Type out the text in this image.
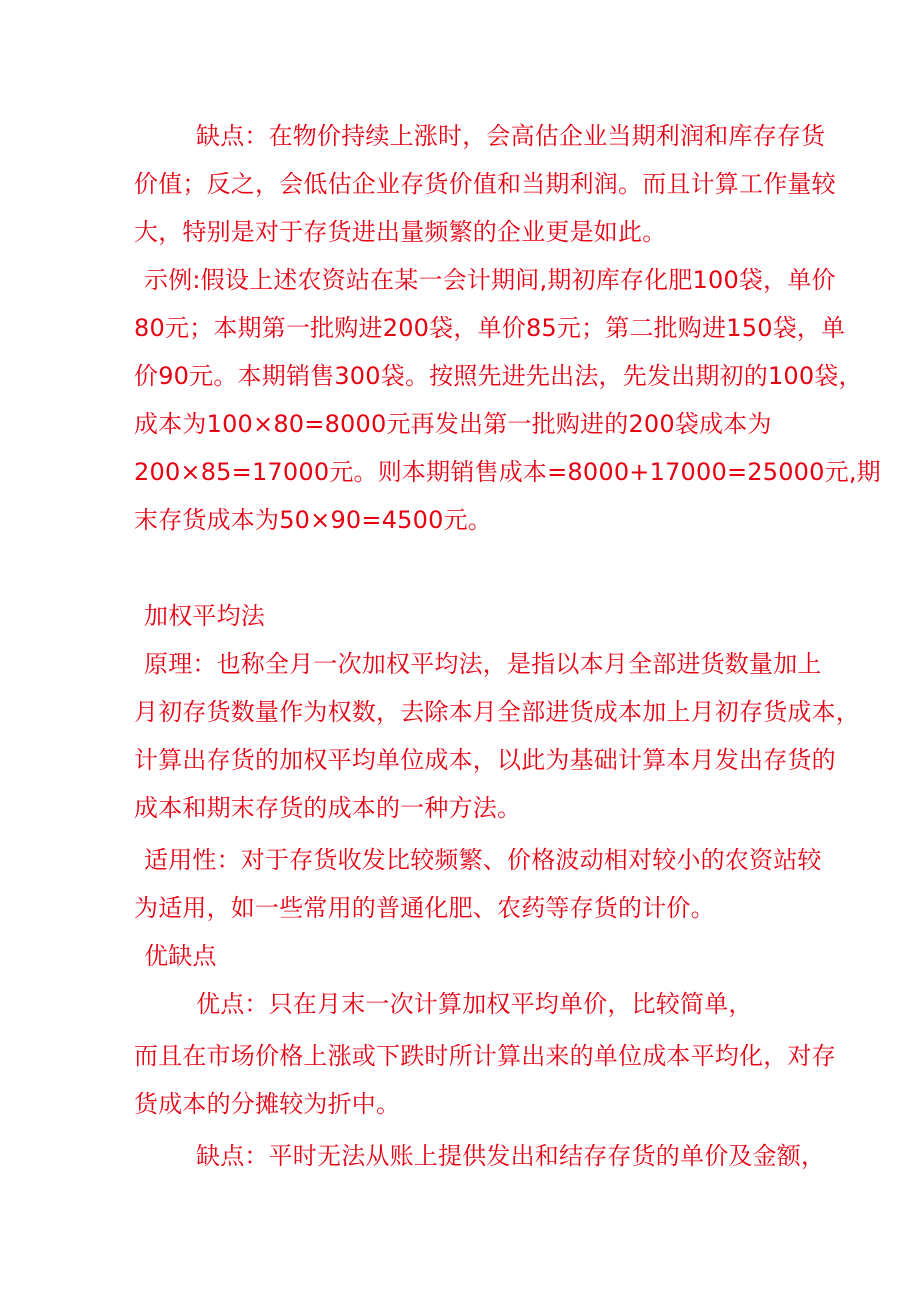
缺点：在物价持续上涨时，会高估企业当期利润和库存存货
价值；反之，会低估企业存货价值和当期利润。而且计算工作量较
大，特别是对于存货进出量频繁的企业更是如此。
示例:假设上述农资站在某一会计期间,期初库存化肥100袋，单价
80元；本期第一批购进200袋，单价85元；第二批购进150袋，单
价90元。本期销售300袋。按照先进先出法，先发出期初的100袋，
成本为100×80=8000元再发出第一批购进的200袋成本为
200×85=17000元。则本期销售成本=8000+17000=25000元,期
末存货成本为50×90=4500元。
加权平均法
原理：也称全月一次加权平均法，是指以本月全部进货数量加上
月初存货数量作为权数，去除本月全部进货成本加上月初存货成本，
计算出存货的加权平均单位成本，以此为基础计算本月发出存货的
成本和期末存货的成本的一种方法。
适用性：对于存货收发比较频繁、价格波动相对较小的农资站较
为适用，如一些常用的普通化肥、农药等存货的计价。
优缺点
优点：只在月末一次计算加权平均单价，比较简单，
而且在市场价格上涨或下跌时所计算出来的单位成本平均化，对存
货成本的分摊较为折中。
缺点：平时无法从账上提供发出和结存存货的单价及金额，
